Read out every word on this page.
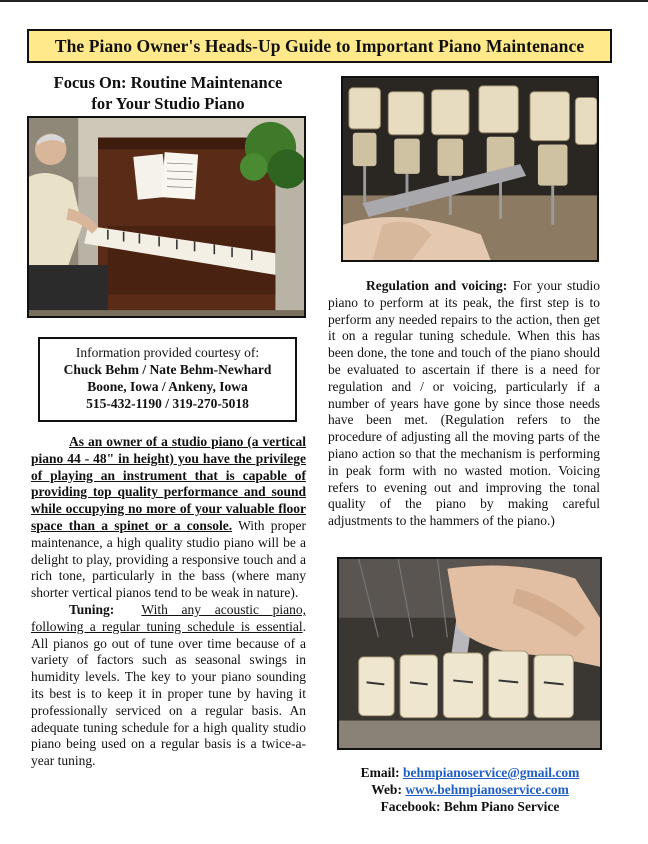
The Piano Owner's Heads-Up Guide to Important Piano Maintenance
Focus On: Routine Maintenance
for Your Studio Piano
Information provided courtesy of:
Chuck Behm / Nate Behm-Newhard
Boone, Iowa / Ankeny, Iowa
515-432-1190 / 319-270-5018

As an owner of a studio piano (a vertical piano 44 - 48" in height) you have the privilege of playing an instrument that is capable of providing top quality performance and sound while occupying no more of your valuable floor space than a spinet or a console. With proper maintenance, a high quality studio piano will be a delight to play, providing a responsive touch and a rich tone, particularly in the bass (where many shorter vertical pianos tend to be weak in nature).

Tuning: With any acoustic piano, following a regular tuning schedule is essential. All pianos go out of tune over time because of a variety of factors such as seasonal swings in humidity levels. The key to your piano sounding its best is to keep it in proper tune by having it professionally serviced on a regular basis. An adequate tuning schedule for a high quality studio piano being used on a regular basis is a twice-a-year tuning.

Regulation and voicing: For your studio piano to perform at its peak, the first step is to perform any needed repairs to the action, then get it on a regular tuning schedule. When this has been done, the tone and touch of the piano should be evaluated to ascertain if there is a need for regulation and / or voicing, particularly if a number of years have gone by since those needs have been met. (Regulation refers to the procedure of adjusting all the moving parts of the piano action so that the mechanism is performing in peak form with no wasted motion. Voicing refers to evening out and improving the tonal quality of the piano by making careful adjustments to the hammers of the piano.)

Email: behmpianoservice@gmail.com
Web: www.behmpianoservice.com
Facebook: Behm Piano Service
